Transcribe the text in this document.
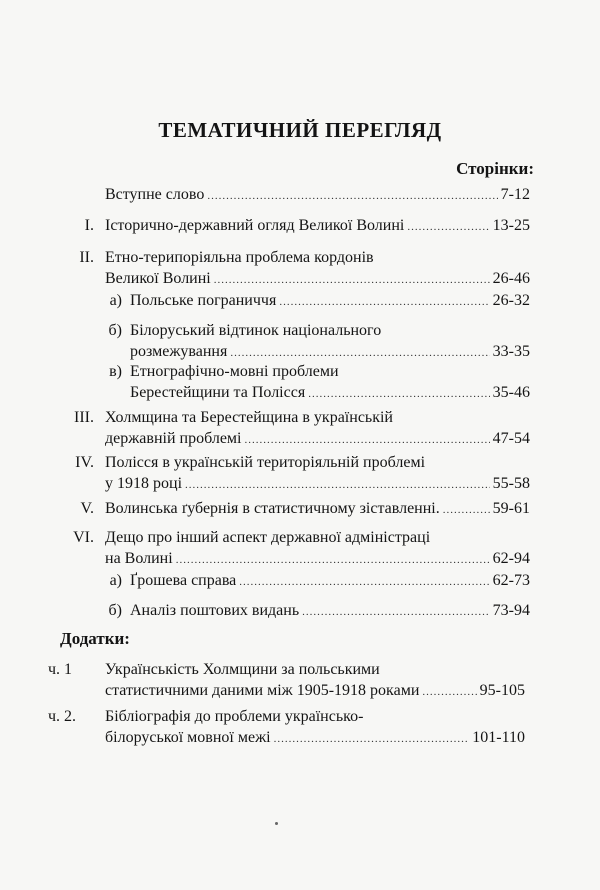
ТЕМАТИЧНИЙ ПЕРЕГЛЯД
Сторінки:
Вступне слово .....	7-12
I. Історично-державний огляд Великої Волині .....	13-25
II. Етно-терипоріяльна проблема кордонів
Великої Волині .....	26-46
а) Польське пограниччя .....	26-32
б) Білоруський відтинок національного
розмежування .....	33-35
в) Етнографічно-мовні проблеми
Берестейщини та Полісся .....	35-46
III. Холмщина та Берестейщина в українській
державній проблемі .....	47-54
IV. Полісся в українській територіяльній проблемі
у 1918 році .....	55-58
V. Волинська ґубернія в статистичному зіставленні. .....	59-61
VI. Дещо про інший аспект державної адміністраці
на Волині .....	62-94
а) Ґрошева справа .....	62-73
б) Аналіз поштових видань .....	73-94
Додатки:
ч. 1	Українськість Холмщини за польськими
статистичними даними між 1905-1918 роками .....	95-105
ч. 2.	Бібліографія до проблеми українсько-
білоруської мовної межі .....	101-110
